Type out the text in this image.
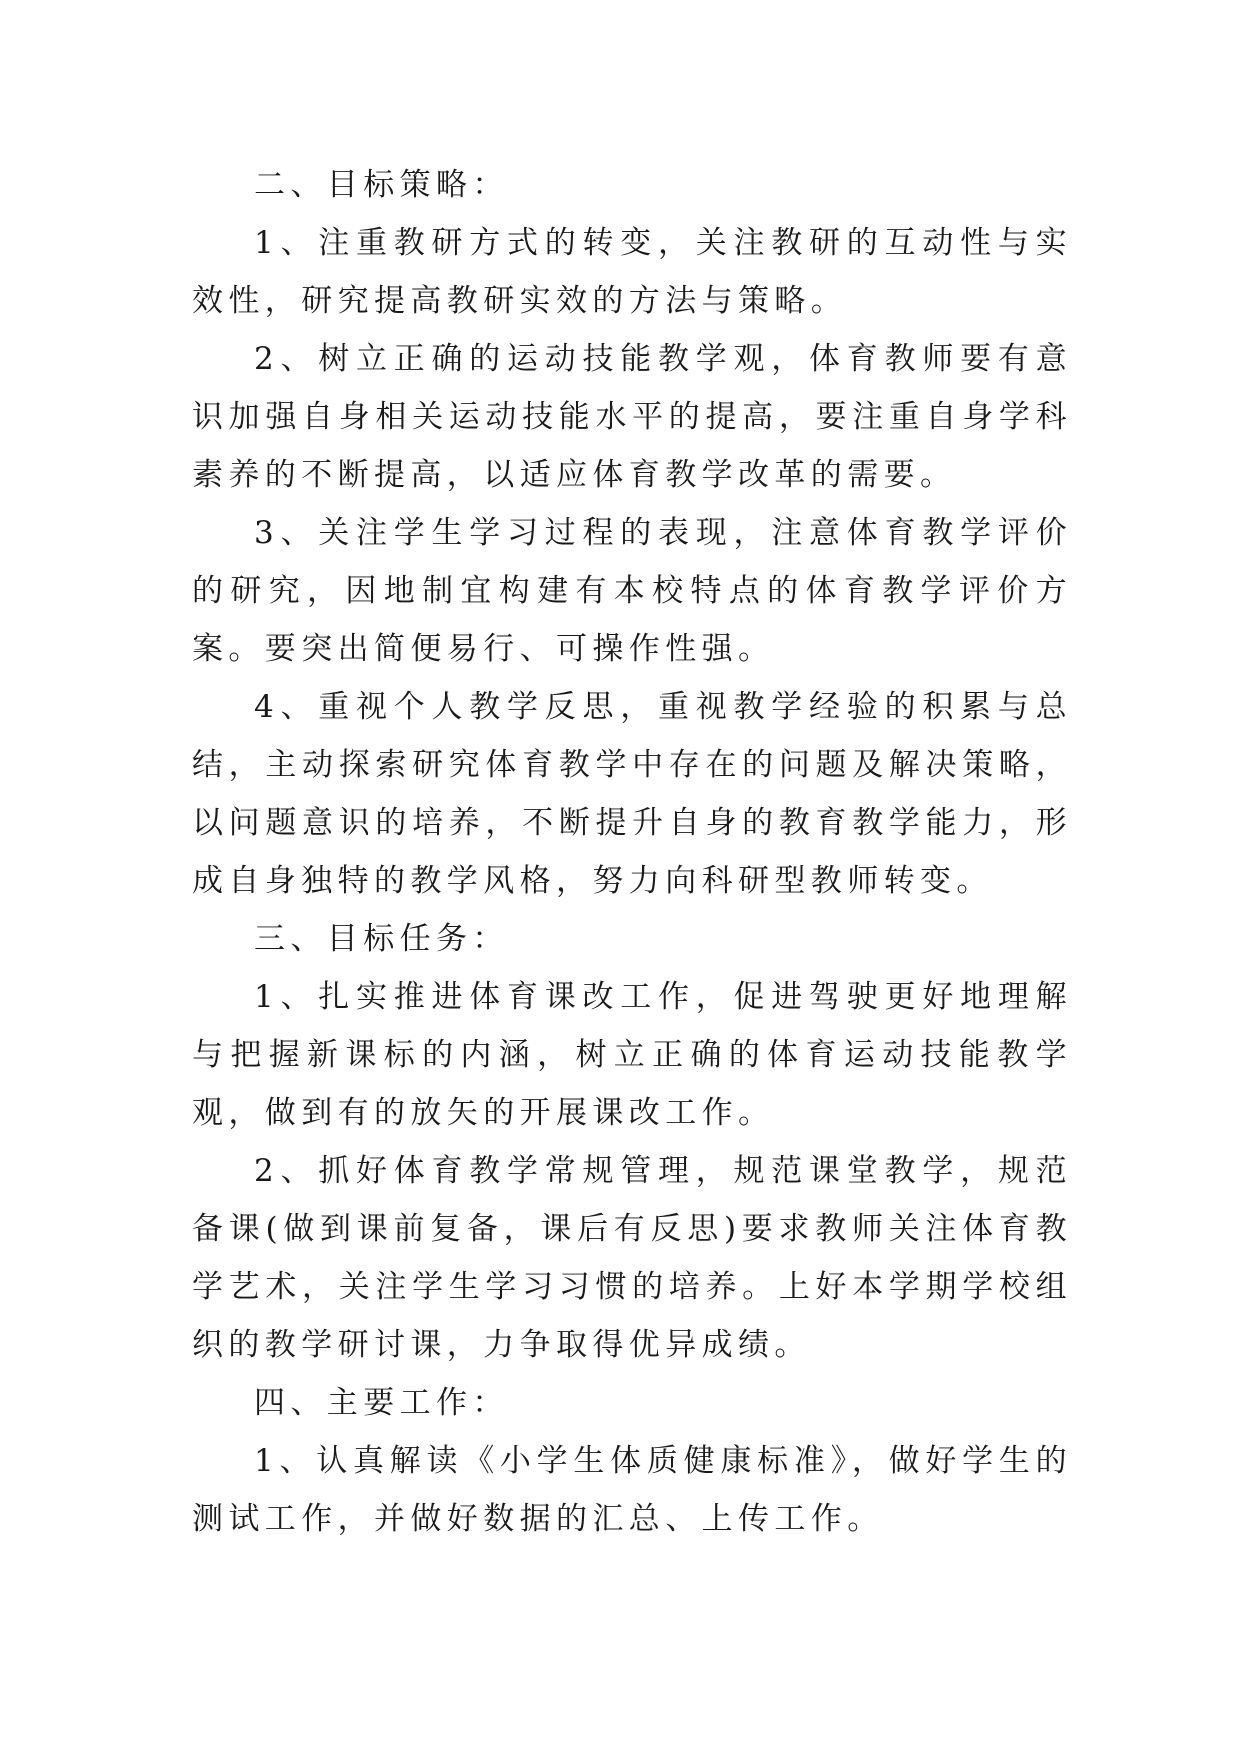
二、目标策略：

1、注重教研方式的转变，关注教研的互动性与实效性，研究提高教研实效的方法与策略。

2、树立正确的运动技能教学观，体育教师要有意识加强自身相关运动技能水平的提高，要注重自身学科素养的不断提高，以适应体育教学改革的需要。

3、关注学生学习过程的表现，注意体育教学评价的研究，因地制宜构建有本校特点的体育教学评价方案。要突出简便易行、可操作性强。

4、重视个人教学反思，重视教学经验的积累与总结，主动探索研究体育教学中存在的问题及解决策略，以问题意识的培养，不断提升自身的教育教学能力，形成自身独特的教学风格，努力向科研型教师转变。

三、目标任务：

1、扎实推进体育课改工作，促进驾驶更好地理解与把握新课标的内涵，树立正确的体育运动技能教学观，做到有的放矢的开展课改工作。

2、抓好体育教学常规管理，规范课堂教学，规范备课(做到课前复备，课后有反思)要求教师关注体育教学艺术，关注学生学习习惯的培养。上好本学期学校组织的教学研讨课，力争取得优异成绩。

四、主要工作：

1、认真解读《小学生体质健康标准》，做好学生的测试工作，并做好数据的汇总、上传工作。
